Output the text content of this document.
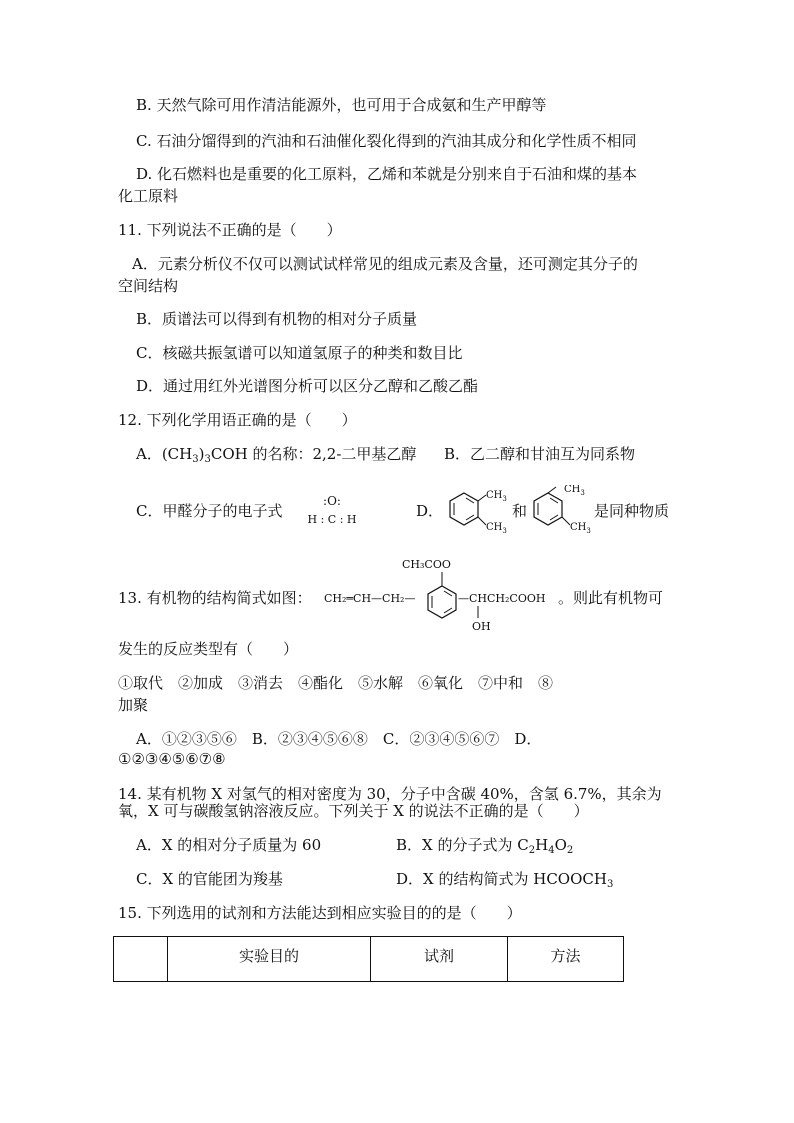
B. 天然气除可用作清洁能源外，也可用于合成氨和生产甲醇等
C. 石油分馏得到的汽油和石油催化裂化得到的汽油其成分和化学性质不相同
D. 化石燃料也是重要的化工原料，乙烯和苯就是分别来自于石油和煤的基本
化工原料
11. 下列说法不正确的是（　　）
A．元素分析仪不仅可以测试试样常见的组成元素及含量，还可测定其分子的
空间结构
B．质谱法可以得到有机物的相对分子质量
C．核磁共振氢谱可以知道氢原子的种类和数目比
D．通过用红外光谱图分析可以区分乙醇和乙酸乙酯
12. 下列化学用语正确的是（　　）
A．$(CH_3)_3COH$ 的名称：2,2-二甲基乙醇 B．乙二醇和甘油互为同系物
C．甲醛分子的电子式
:O:
H : C : H	D．
$CH_3$
$CH_3$
和
$CH_3$
$CH_3$
是同种物质
13. 有机物的结构简式如图：
CH₃COO
CH₂═CH—CH₂—	—CHCH₂COOH
OH
。则此有机物可
发生的反应类型有（　　）
①取代　②加成　③消去　④酯化　⑤水解　⑥氧化　⑦中和　⑧
加聚
A．①②③⑤⑥　B．②③④⑤⑥⑧　C．②③④⑤⑥⑦　D．
①②③④⑤⑥⑦⑧
14. 某有机物 X 对氢气的相对密度为 30，分子中含碳 40%，含氢 6.7%，其余为
氧，X 可与碳酸氢钠溶液反应。下列关于 X 的说法不正确的是（　　）
A．X 的相对分子质量为 60	B．X 的分子式为 $C_2H_4O_2$
C．X 的官能团为羧基	D．X 的结构简式为 $HCOOCH_3$
15. 下列选用的试剂和方法能达到相应实验目的的是（　　）
	实验目的	试剂	方法
